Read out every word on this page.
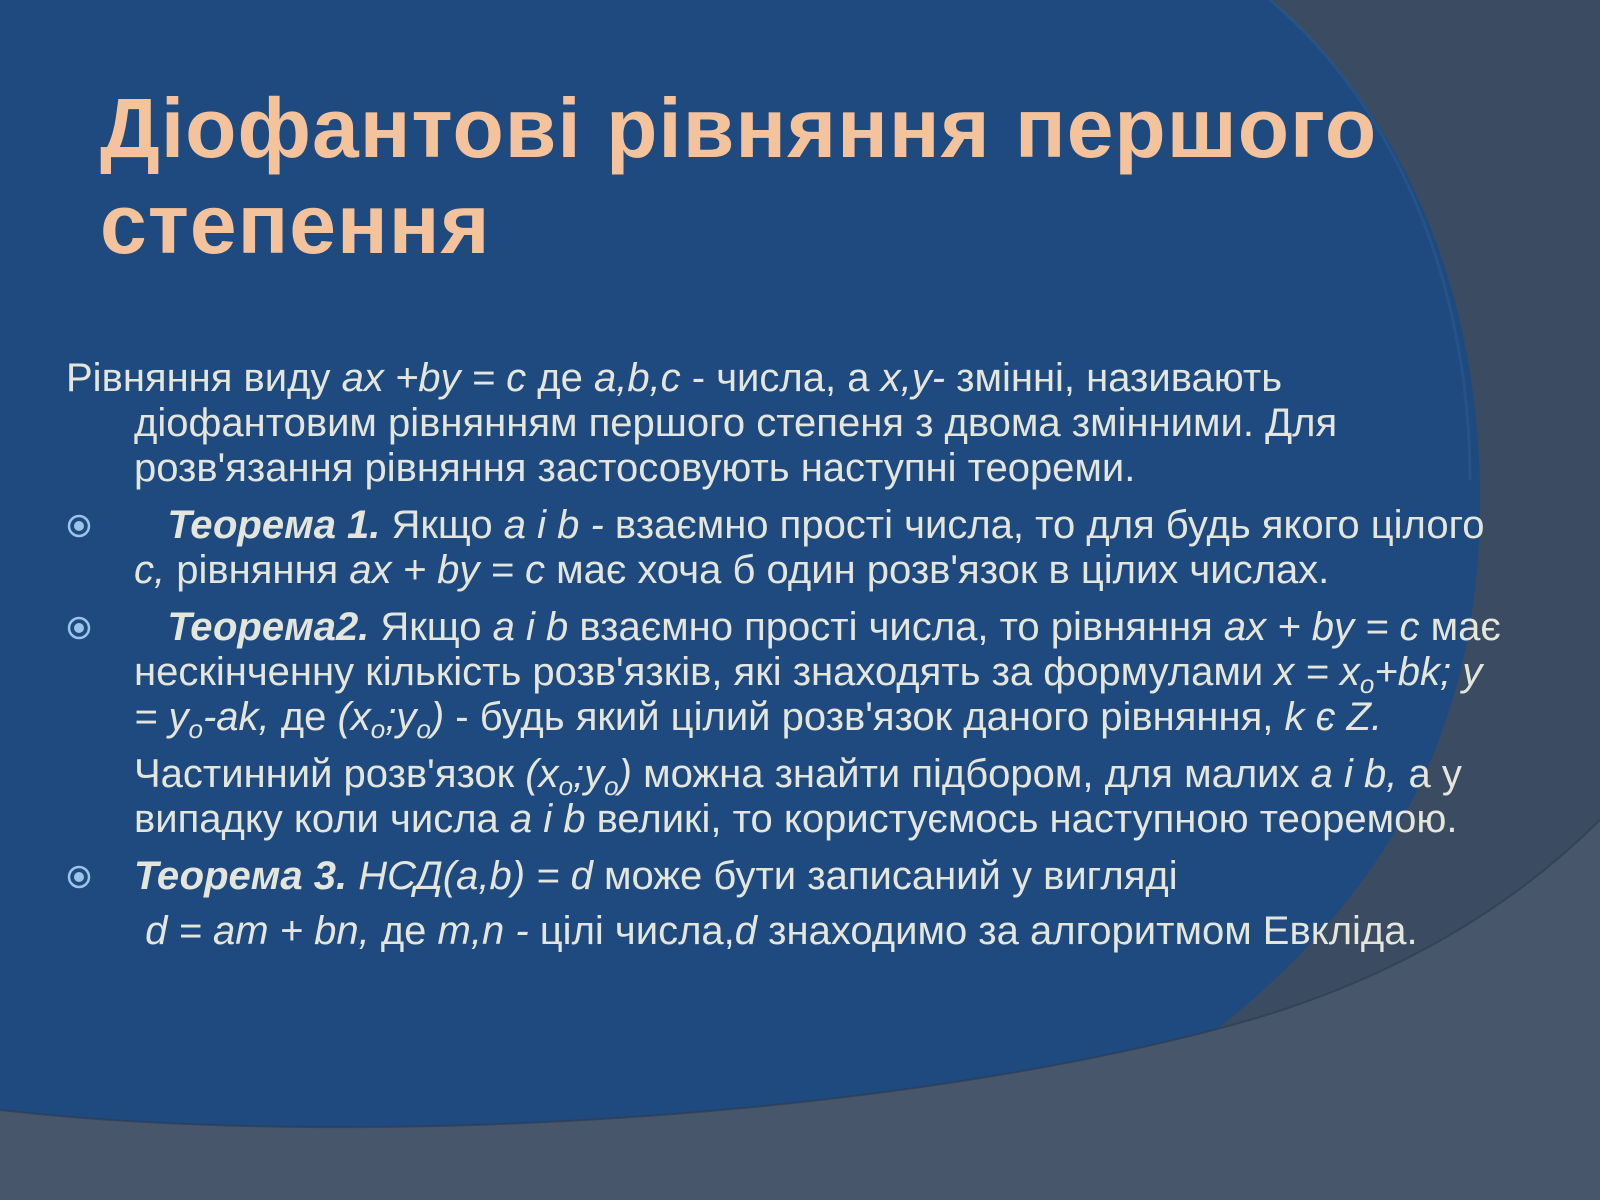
Діофантові рівняння першого
степення

Рівняння виду ax +by = c де a,b,c - числа, а x,y- змінні, називають діофантовим рівнянням першого степеня з двома змінними. Для розв'язання рівняння застосовують наступні теореми.

Теорема 1. Якщо a і b - взаємно прості числа, то для будь якого цілого c, рівняння ax + by = c має хоча б один розв'язок в цілих числах.
Теорема2. Якщо a і b взаємно прості числа, то рівняння ax + by = c має нескінченну кількість розв'язків, які знаходять за формулами $x = x_o+bk$; $y = y_o-ak$, де $(x_o;y_o)$ - будь який цілий розв'язок даного рівняння, k є Z.

Частинний розв'язок $(x_o;y_o)$ можна знайти підбором, для малих a і b, а у випадку коли числа a і b великі, то користуємось наступною теоремою.

Теорема 3. НСД(a,b) = d може бути записаний у вигляді

d = am + bn, де m,n - цілі числа,d знаходимо за алгоритмом Евкліда.
